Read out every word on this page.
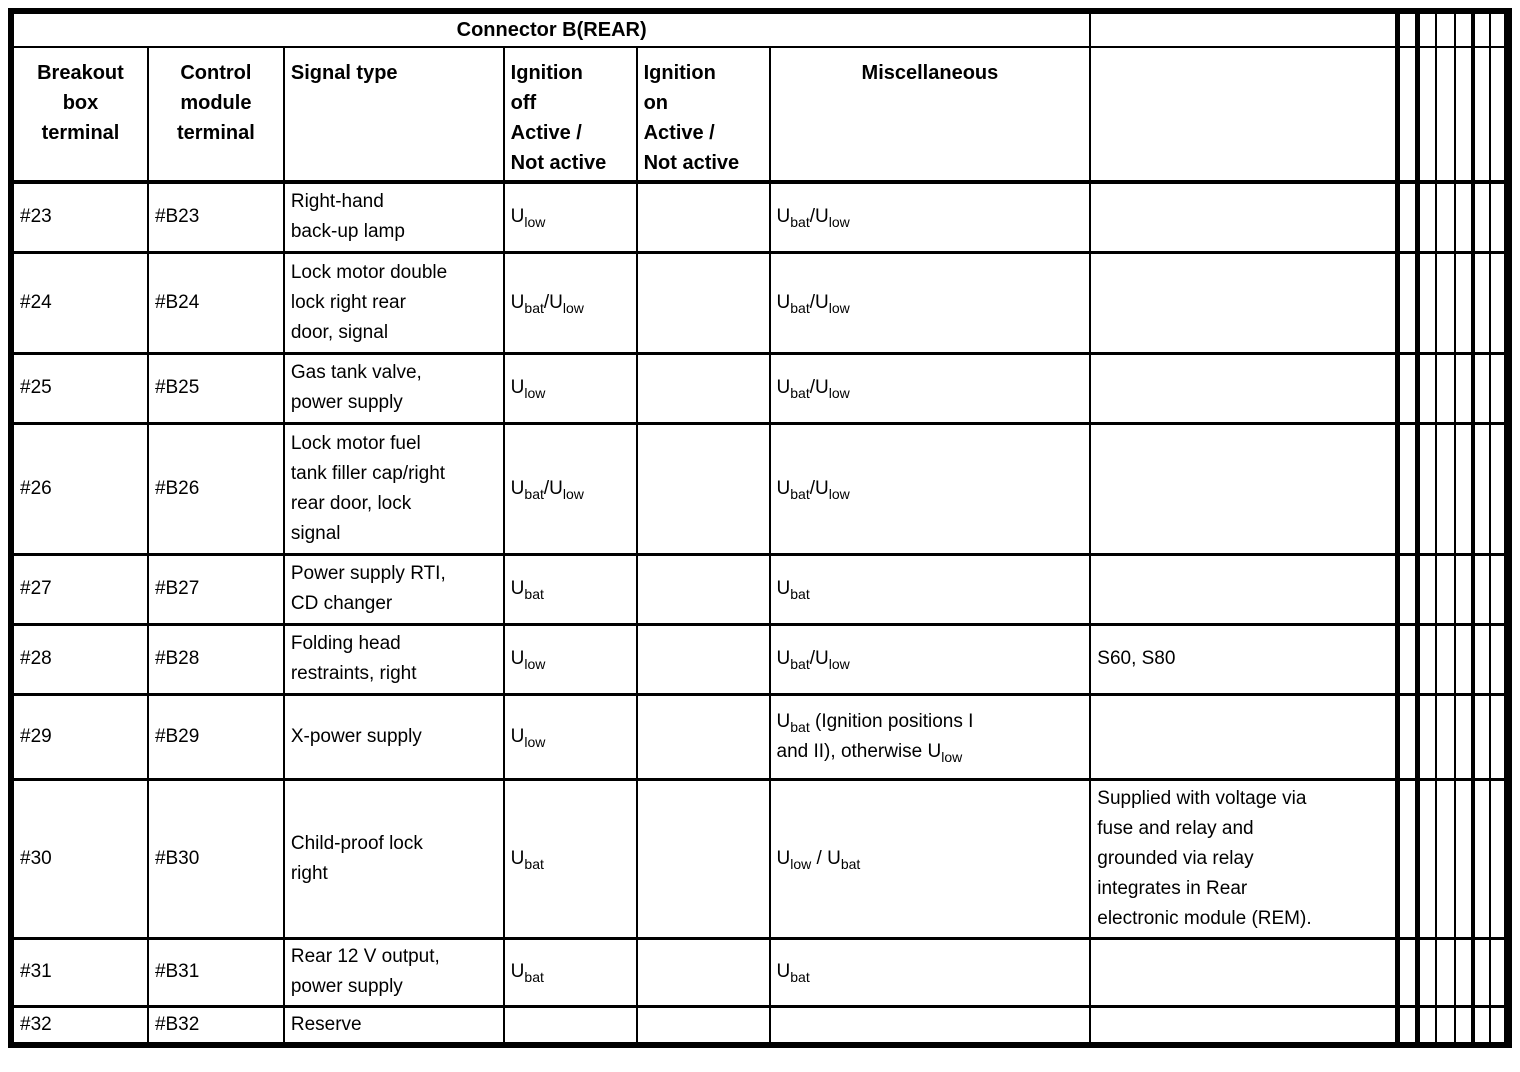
Connector B(REAR)												
Breakout
box
terminal	Control
module
terminal	Signal type	Ignition
off
Active /
Not active	Ignition
on
Active /
Not active	Miscellaneous							
#23	#B23	Right-hand
back-up lamp	$U_{low}$		$U_{bat}/U_{low}$							
#24	#B24	Lock motor double
lock right rear
door, signal	$U_{bat}/U_{low}$		$U_{bat}/U_{low}$							
#25	#B25	Gas tank valve,
power supply	$U_{low}$		$U_{bat}/U_{low}$							
#26	#B26	Lock motor fuel
tank filler cap/right
rear door, lock
signal	$U_{bat}/U_{low}$		$U_{bat}/U_{low}$							
#27	#B27	Power supply RTI,
CD changer	$U_{bat}$		$U_{bat}$							
#28	#B28	Folding head
restraints, right	$U_{low}$		$U_{bat}/U_{low}$	S60, S80						
#29	#B29	X-power supply	$U_{low}$		$U_{bat}$ (Ignition positions I
and II), otherwise $U_{low}$							
#30	#B30	Child-proof lock
right	$U_{bat}$		$U_{low} / U_{bat}$	Supplied with voltage via
fuse and relay and
grounded via relay
integrates in Rear
electronic module (REM).						
#31	#B31	Rear 12 V output,
power supply	$U_{bat}$		$U_{bat}$							
#32	#B32	Reserve										
